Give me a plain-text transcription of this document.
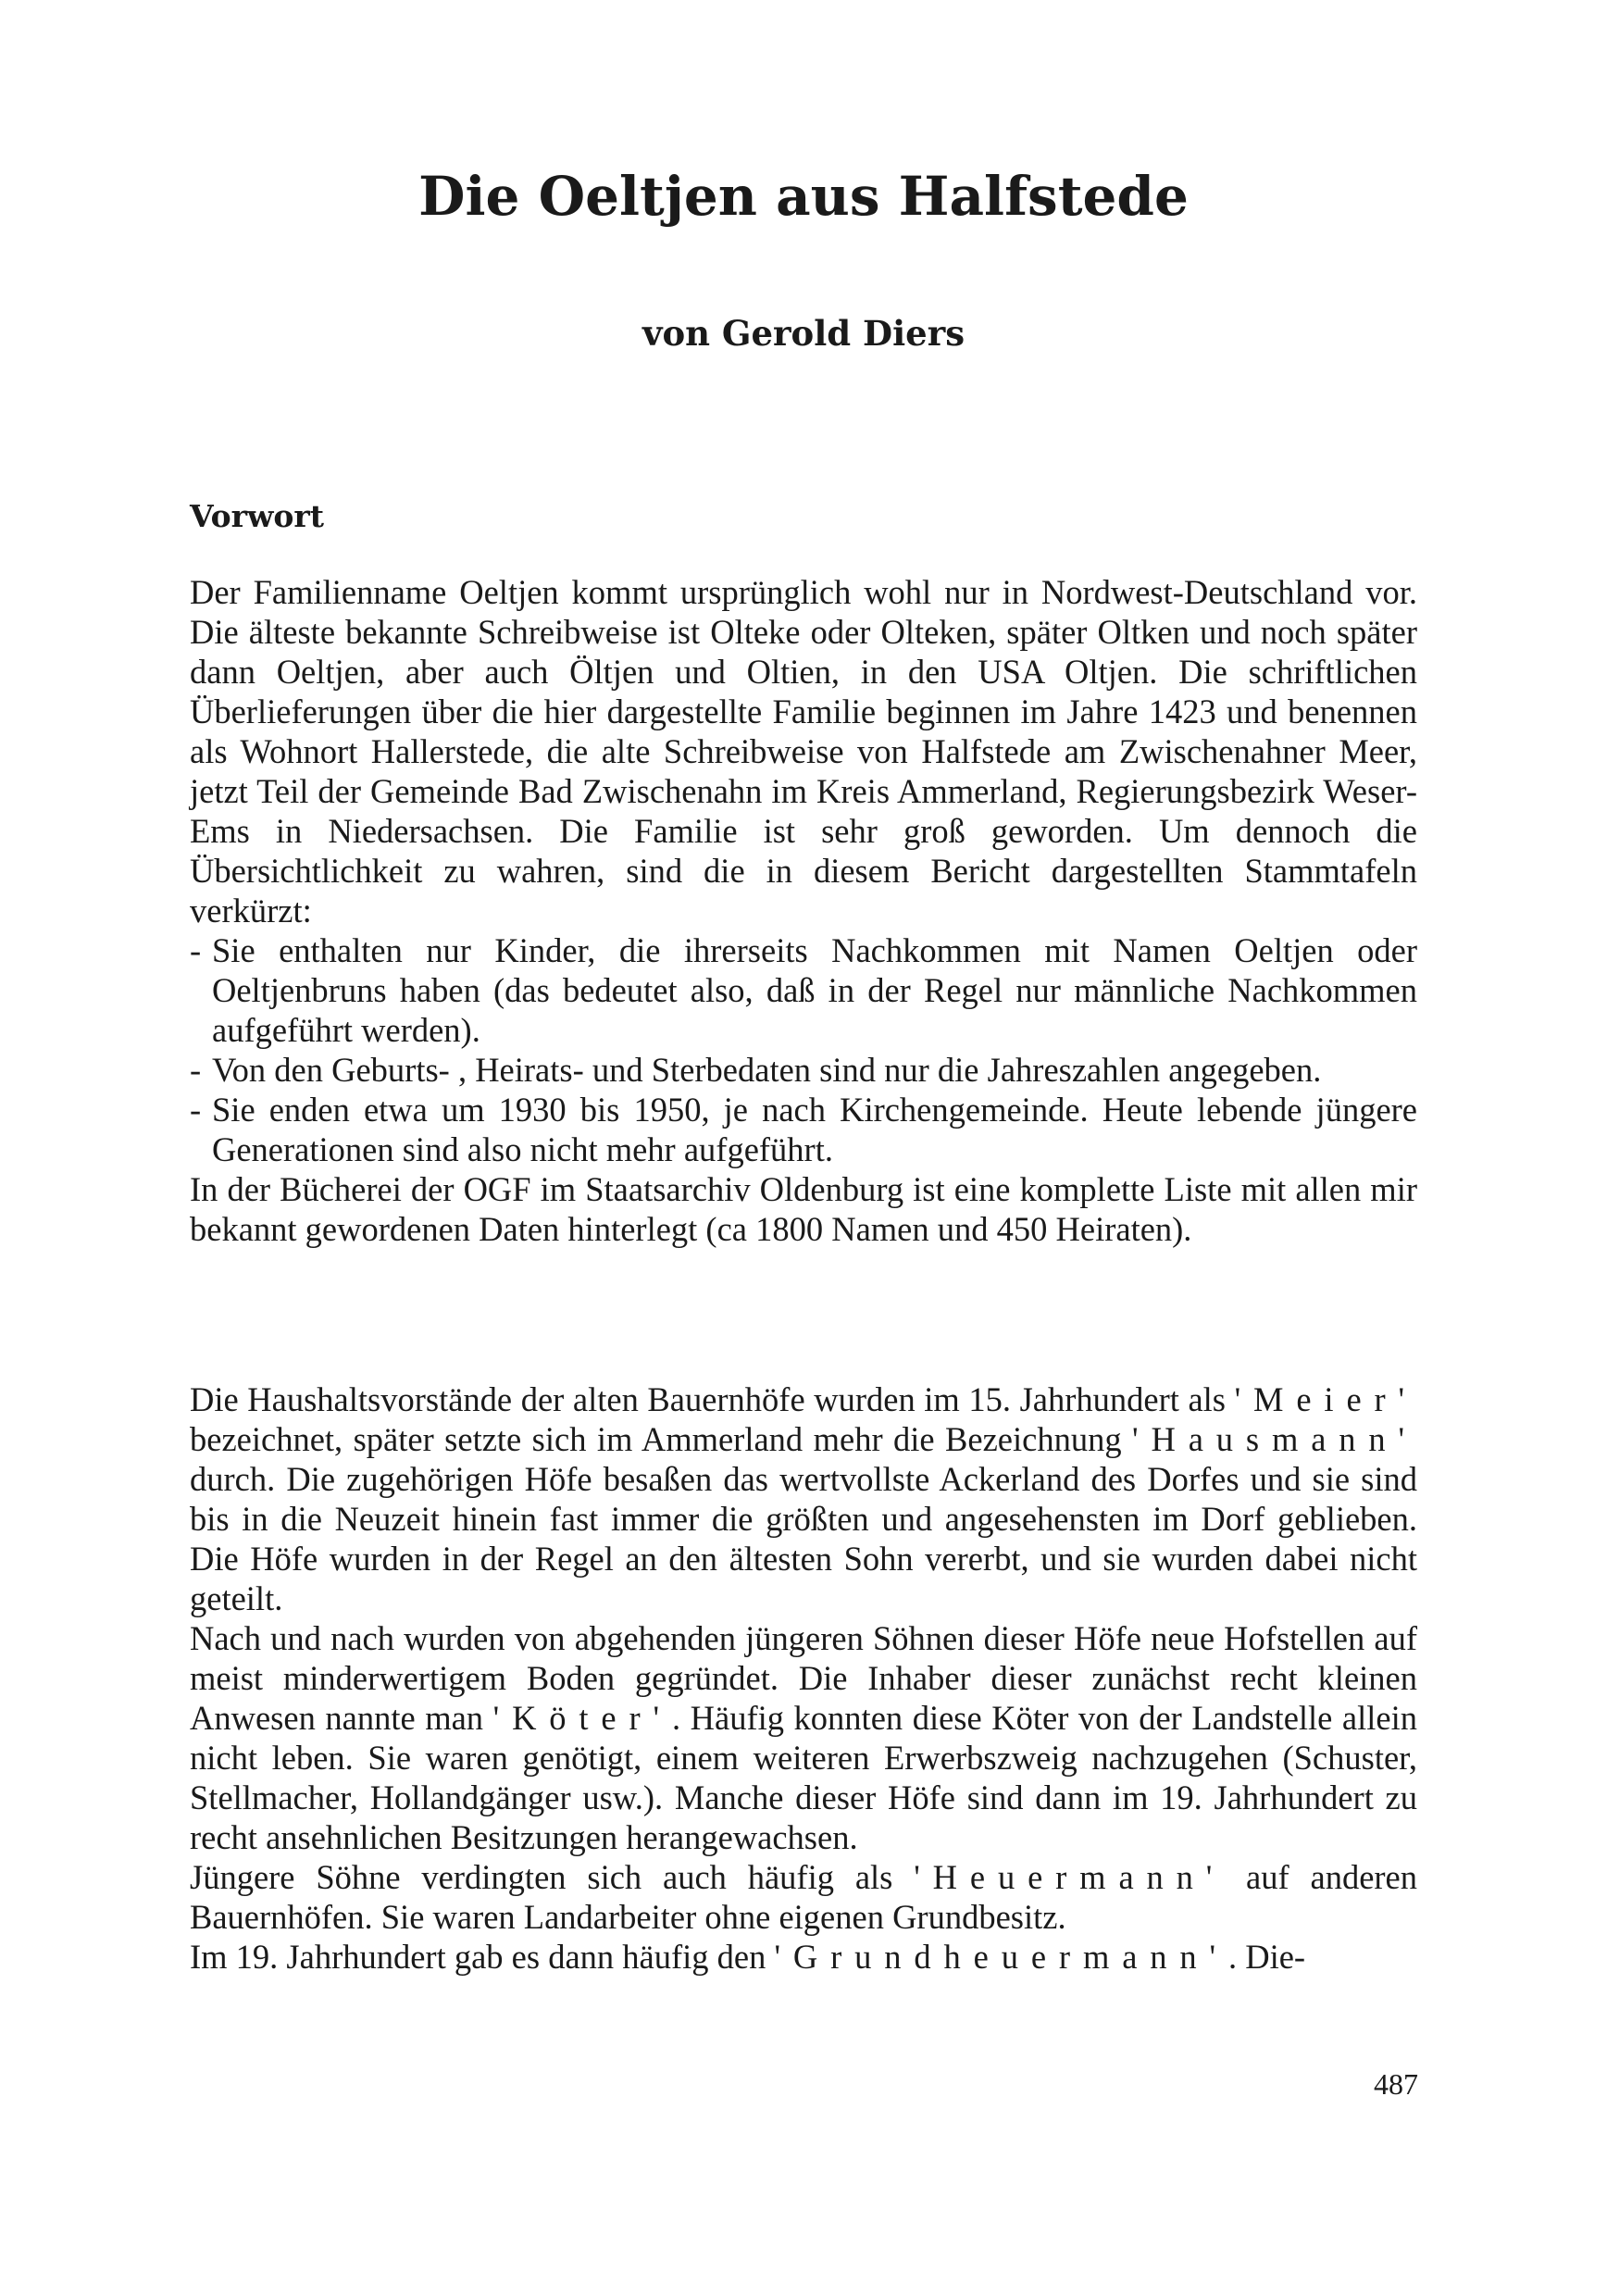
Die Oeltjen aus Halfstede
von Gerold Diers
Vorwort

Der Familienname Oeltjen kommt ursprünglich wohl nur in Nordwest-Deutschland vor. Die älteste bekannte Schreibweise ist Olteke oder Olteken, später Oltken und noch später dann Oeltjen, aber auch Öltjen und Oltien, in den USA Oltjen. Die schriftlichen Überlieferungen über die hier dargestellte Familie beginnen im Jahre 1423 und benennen als Wohnort Hallerstede, die alte Schreibweise von Halfstede am Zwischenahner Meer, jetzt Teil der Gemeinde Bad Zwischenahn im Kreis Ammerland, Regierungsbezirk Weser-Ems in Niedersachsen. Die Familie ist sehr groß geworden. Um dennoch die Übersichtlichkeit zu wahren, sind die in diesem Bericht dargestellten Stammtafeln verkürzt:

- Sie enthalten nur Kinder, die ihrerseits Nachkommen mit Namen Oeltjen oder Oeltjenbruns haben (das bedeutet also, daß in der Regel nur männliche Nachkommen aufgeführt werden).
- Von den Geburts- , Heirats- und Sterbedaten sind nur die Jahreszahlen angegeben.
- Sie enden etwa um 1930 bis 1950, je nach Kirchengemeinde. Heute lebende jüngere Generationen sind also nicht mehr aufgeführt.

In der Bücherei der OGF im Staatsarchiv Oldenburg ist eine komplette Liste mit allen mir bekannt gewordenen Daten hinterlegt (ca 1800 Namen und 450 Heiraten).

Die Haushaltsvorstände der alten Bauernhöfe wurden im 15. Jahrhundert als 'Meier' bezeichnet, später setzte sich im Ammerland mehr die Bezeichnung 'Hausmann' durch. Die zugehörigen Höfe besaßen das wertvollste Ackerland des Dorfes und sie sind bis in die Neuzeit hinein fast immer die größten und angesehensten im Dorf geblieben. Die Höfe wurden in der Regel an den ältesten Sohn vererbt, und sie wurden dabei nicht geteilt.

Nach und nach wurden von abgehenden jüngeren Söhnen dieser Höfe neue Hofstellen auf meist minderwertigem Boden gegründet. Die Inhaber dieser zunächst recht kleinen Anwesen nannte man 'Köter'. Häufig konnten diese Köter von der Landstelle allein nicht leben. Sie waren genötigt, einem weiteren Erwerbszweig nachzugehen (Schuster, Stellmacher, Hollandgänger usw.). Manche dieser Höfe sind dann im 19. Jahrhundert zu recht ansehnlichen Besitzungen herangewachsen.

Jüngere Söhne verdingten sich auch häufig als 'Heuermann' auf anderen Bauernhöfen. Sie waren Landarbeiter ohne eigenen Grundbesitz.

Im 19. Jahrhundert gab es dann häufig den 'Grundheuermann'. Die-

487
